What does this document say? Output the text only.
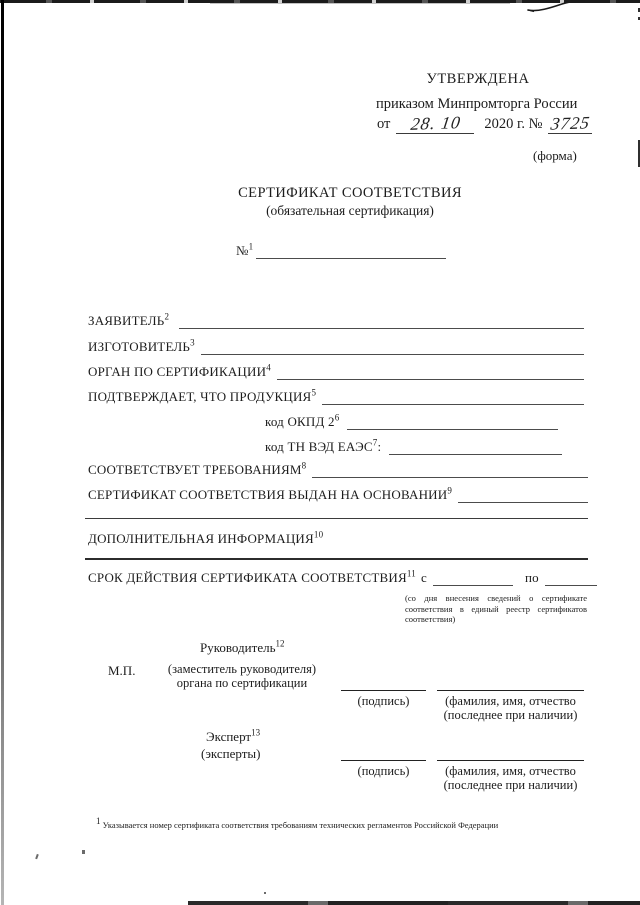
УТВЕРЖДЕНА
приказом Минпромторга России
от	28. 10	2020 г. № 3725
(форма)
СЕРТИФИКАТ СООТВЕТСТВИЯ
(обязательная сертификация)
№$^1$
ЗАЯВИТЕЛЬ$^2$
ИЗГОТОВИТЕЛЬ$^3$
ОРГАН ПО СЕРТИФИКАЦИИ$^4$
ПОДТВЕРЖДАЕТ, ЧТО ПРОДУКЦИЯ$^5$
код ОКПД $2^6$
код ТН ВЭД ЕАЭС$^7$:
СООТВЕТСТВУЕТ ТРЕБОВАНИЯМ$^8$
СЕРТИФИКАТ СООТВЕТСТВИЯ ВЫДАН НА ОСНОВАНИИ$^9$
ДОПОЛНИТЕЛЬНАЯ ИНФОРМАЦИЯ$^{10}$
СРОК ДЕЙСТВИЯ СЕРТИФИКАТА СООТВЕТСТВИЯ$^{11}$ с	по
(со дня внесения сведений о сертификате соответствия в единый реестр сертификатов соответствия)
Руководитель$^{12}$
М.П.	(заместитель руководителя)
органа по сертификации
(подпись)	(фамилия, имя, отчество
(последнее при наличии)
Эксперт$^{13}$
(эксперты)
(подпись)	(фамилия, имя, отчество
(последнее при наличии)
$^1$ Указывается номер сертификата соответствия требованиям технических регламентов Российской Федерации
